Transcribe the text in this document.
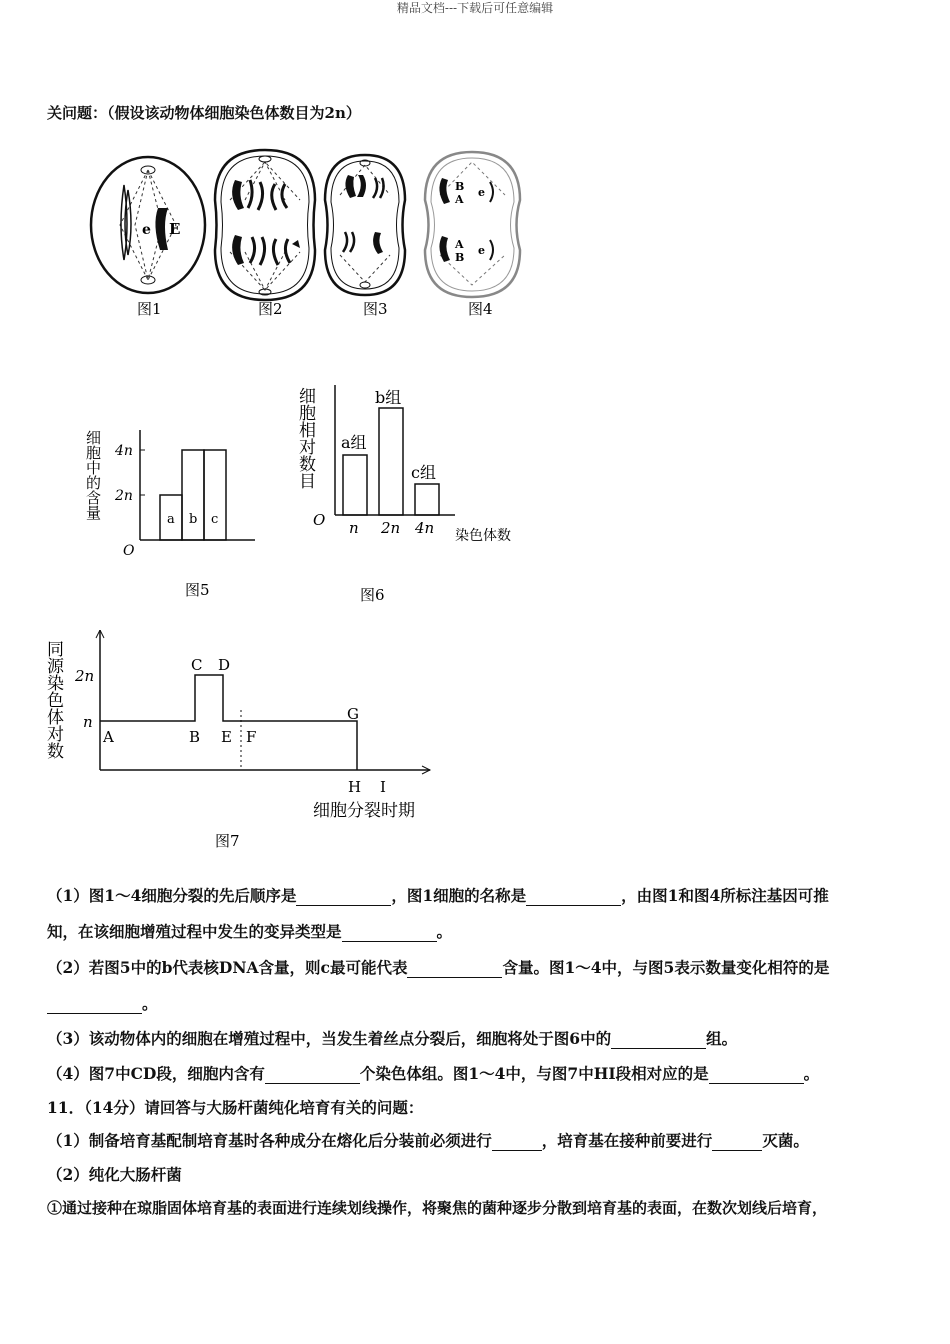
精品文档---下载后可任意编辑
关问题：（假设该动物体细胞染色体数目为2n）
e E
B
A
e
A
B
e
图1	图2	图3	图4
细胞中的含量 4n
2n
O
a b c
图5
细胞相对数目
O
a组
b组
c组
n 2n 4n 染色体数
图6
同源染色体对数 2n
n
A	B
C D
E F
G
H I
细胞分裂时期
图7
（1）图1～4细胞分裂的先后顺序是	，图1细胞的名称是	，由图1和图4所标注基因可推
知，在该细胞增殖过程中发生的变异类型是	。
（2）若图5中的b代表核DNA含量，则c最可能代表	含量。图1～4中，与图5表示数量变化相符的是
。
（3）该动物体内的细胞在增殖过程中，当发生着丝点分裂后，细胞将处于图6中的	组。
（4）图7中CD段，细胞内含有	个染色体组。图1～4中，与图7中HI段相对应的是	。
11．（14分）请回答与大肠杆菌纯化培育有关的问题：
（1）制备培育基配制培育基时各种成分在熔化后分装前必须进行	，培育基在接种前要进行	灭菌。
（2）纯化大肠杆菌
①通过接种在琼脂固体培育基的表面进行连续划线操作，将聚焦的菌种逐步分散到培育基的表面，在数次划线后培育，
